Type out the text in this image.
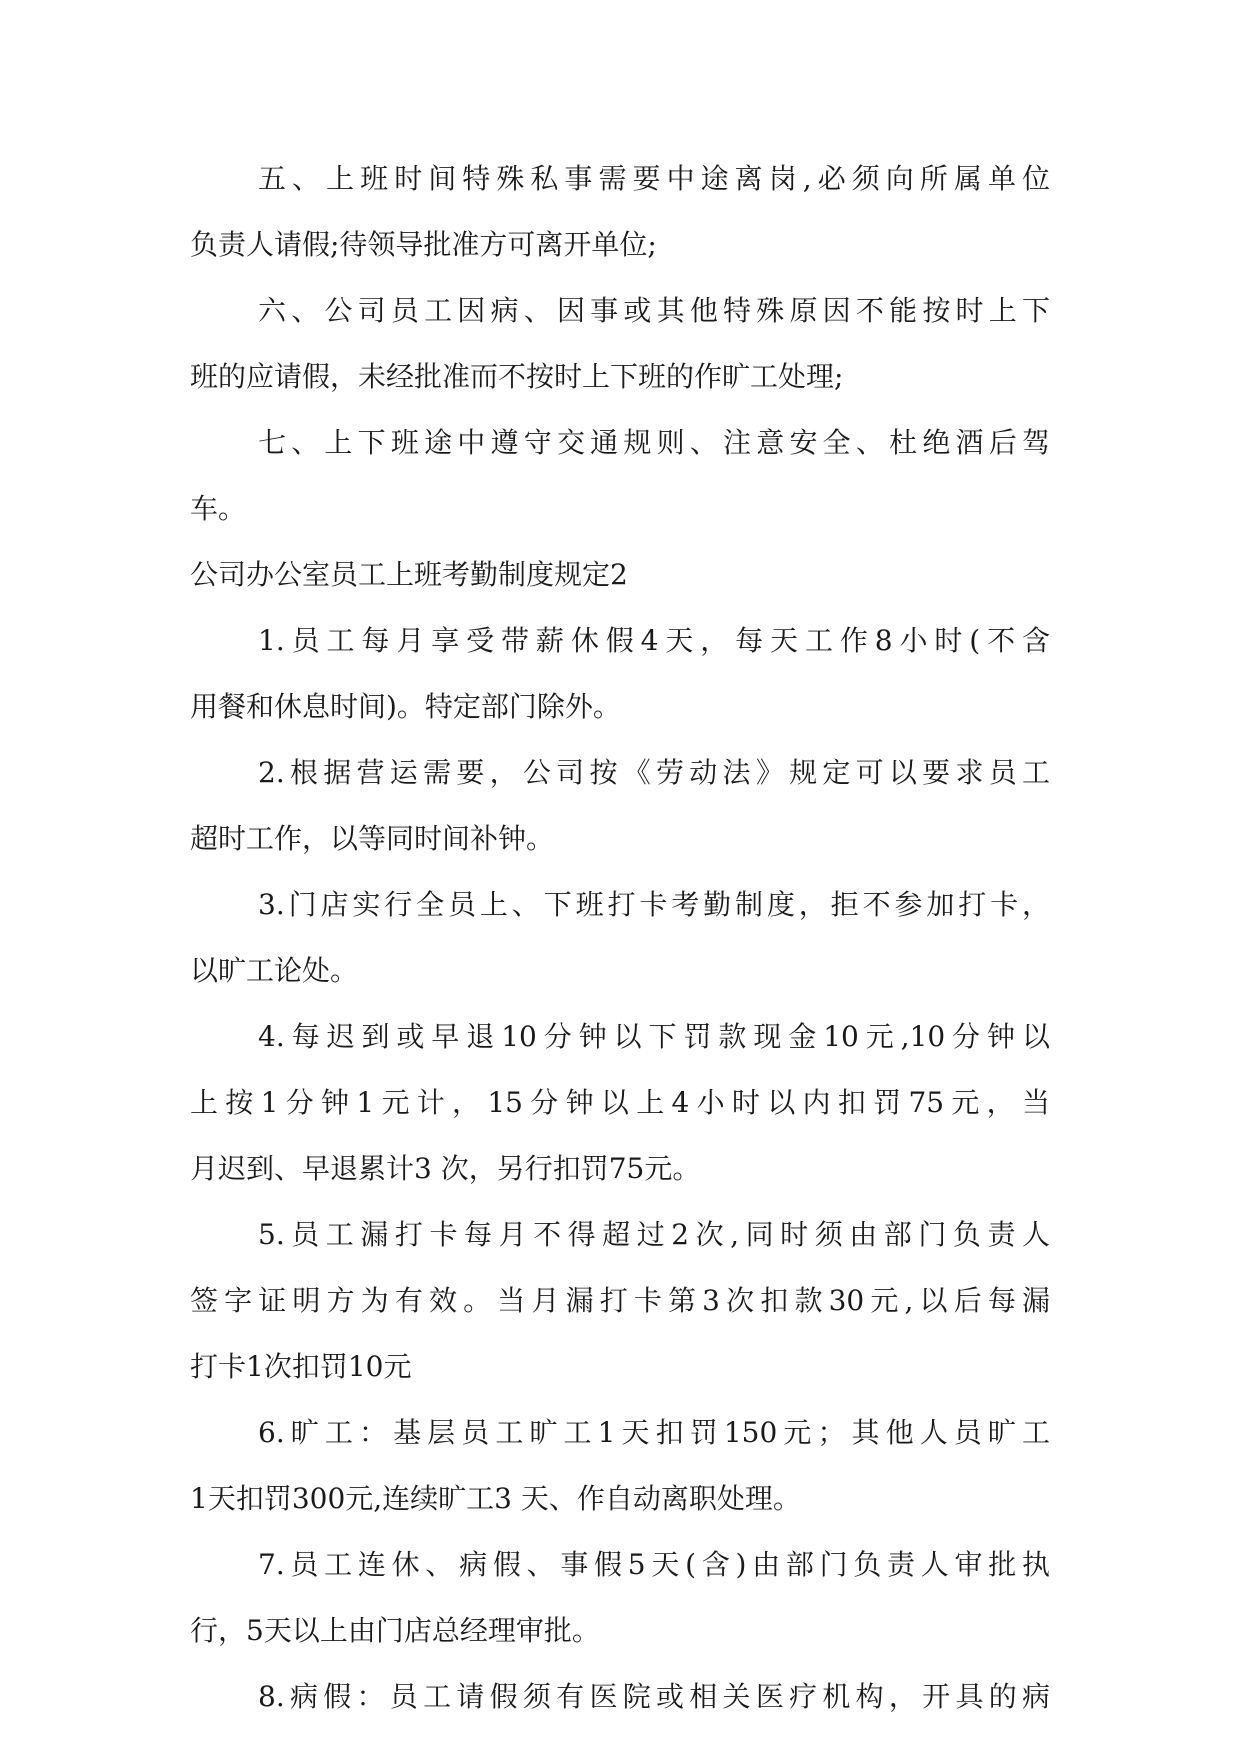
五、上班时间特殊私事需要中途离岗,必须向所属单位
负责人请假;待领导批准方可离开单位;
六、公司员工因病、因事或其他特殊原因不能按时上下
班的应请假，未经批准而不按时上下班的作旷工处理;
七、上下班途中遵守交通规则、注意安全、杜绝酒后驾
车。
公司办公室员工上班考勤制度规定2
1.员工每月享受带薪休假4天，每天工作8小时(不含
用餐和休息时间)。特定部门除外。
2.根据营运需要，公司按《劳动法》规定可以要求员工
超时工作，以等同时间补钟。
3.门店实行全员上、下班打卡考勤制度，拒不参加打卡，
以旷工论处。
4.每迟到或早退10分钟以下罚款现金10元,10分钟以
上按1分钟1元计，15分钟以上4小时以内扣罚75元，当
月迟到、早退累计3 次，另行扣罚75元。
5.员工漏打卡每月不得超过2次,同时须由部门负责人
签字证明方为有效。当月漏打卡第3次扣款30元,以后每漏
打卡1次扣罚10元
6.旷工：基层员工旷工1天扣罚150元；其他人员旷工
1天扣罚300元,连续旷工3 天、作自动离职处理。
7.员工连休、病假、事假5天(含)由部门负责人审批执
行，5天以上由门店总经理审批。
8.病假：员工请假须有医院或相关医疗机构，开具的病
